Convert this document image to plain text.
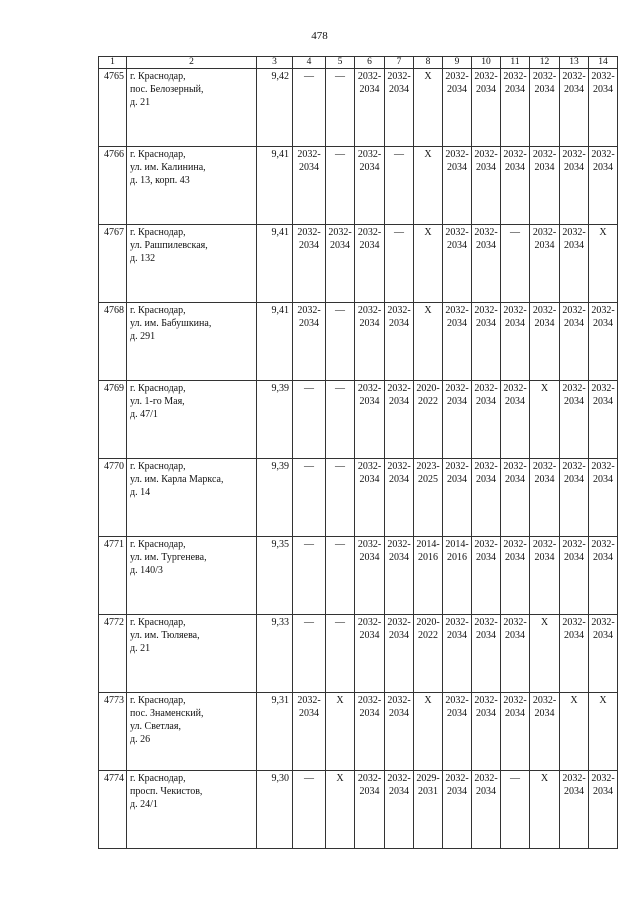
478
1	2	3	4	5	6	7	8	9	10	11	12	13	14
4765	г. Краснодар,
пос. Белозерный,
д. 21	9,42	—	—	2032-
2034	2032-
2034	X	2032-
2034	2032-
2034	2032-
2034	2032-
2034	2032-
2034	2032-
2034

4766	г. Краснодар,
ул. им. Калинина,
д. 13, корп. 43	9,41	2032-
2034	—	2032-
2034	—	X	2032-
2034	2032-
2034	2032-
2034	2032-
2034	2032-
2034	2032-
2034

4767	г. Краснодар,
ул. Рашпилевская,
д. 132	9,41	2032-
2034	2032-
2034	2032-
2034	—	X	2032-
2034	2032-
2034	—	2032-
2034	2032-
2034	X

4768	г. Краснодар,
ул. им. Бабушкина,
д. 291	9,41	2032-
2034	—	2032-
2034	2032-
2034	X	2032-
2034	2032-
2034	2032-
2034	2032-
2034	2032-
2034	2032-
2034

4769	г. Краснодар,
ул. 1-го Мая,
д. 47/1	9,39	—	—	2032-
2034	2032-
2034	2020-
2022	2032-
2034	2032-
2034	2032-
2034	X	2032-
2034	2032-
2034

4770	г. Краснодар,
ул. им. Карла Маркса,
д. 14	9,39	—	—	2032-
2034	2032-
2034	2023-
2025	2032-
2034	2032-
2034	2032-
2034	2032-
2034	2032-
2034	2032-
2034

4771	г. Краснодар,
ул. им. Тургенева,
д. 140/3	9,35	—	—	2032-
2034	2032-
2034	2014-
2016	2014-
2016	2032-
2034	2032-
2034	2032-
2034	2032-
2034	2032-
2034

4772	г. Краснодар,
ул. им. Тюляева,
д. 21	9,33	—	—	2032-
2034	2032-
2034	2020-
2022	2032-
2034	2032-
2034	2032-
2034	X	2032-
2034	2032-
2034

4773	г. Краснодар,
пос. Знаменский,
ул. Светлая,
д. 26	9,31	2032-
2034	X	2032-
2034	2032-
2034	X	2032-
2034	2032-
2034	2032-
2034	2032-
2034	X	X

4774	г. Краснодар,
просп. Чекистов,
д. 24/1	9,30	—	X	2032-
2034	2032-
2034	2029-
2031	2032-
2034	2032-
2034	—	X	2032-
2034	2032-
2034
